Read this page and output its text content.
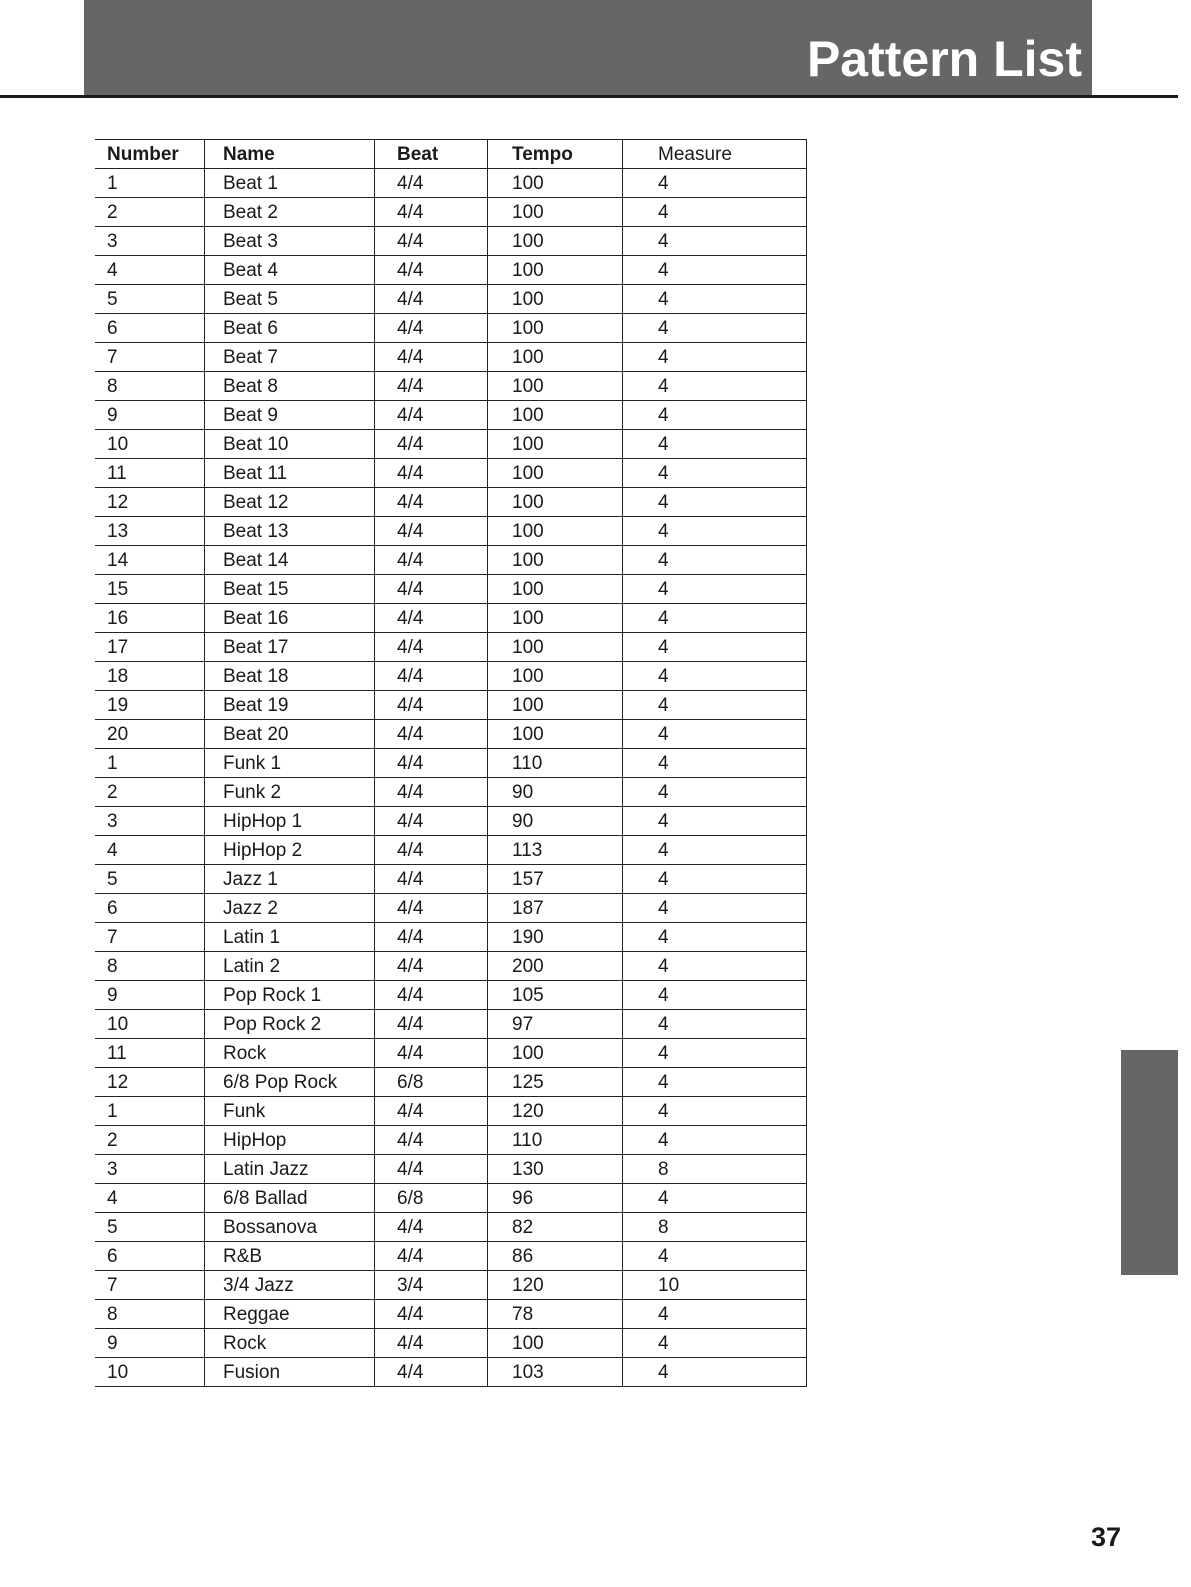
Pattern List
Number	Name	Beat	Tempo	Measure
1	Beat 1	4/4	100	4
2	Beat 2	4/4	100	4
3	Beat 3	4/4	100	4
4	Beat 4	4/4	100	4
5	Beat 5	4/4	100	4
6	Beat 6	4/4	100	4
7	Beat 7	4/4	100	4
8	Beat 8	4/4	100	4
9	Beat 9	4/4	100	4
10	Beat 10	4/4	100	4
11	Beat 11	4/4	100	4
12	Beat 12	4/4	100	4
13	Beat 13	4/4	100	4
14	Beat 14	4/4	100	4
15	Beat 15	4/4	100	4
16	Beat 16	4/4	100	4
17	Beat 17	4/4	100	4
18	Beat 18	4/4	100	4
19	Beat 19	4/4	100	4
20	Beat 20	4/4	100	4
1	Funk 1	4/4	110	4
2	Funk 2	4/4	90	4
3	HipHop 1	4/4	90	4
4	HipHop 2	4/4	113	4
5	Jazz 1	4/4	157	4
6	Jazz 2	4/4	187	4
7	Latin 1	4/4	190	4
8	Latin 2	4/4	200	4
9	Pop Rock 1	4/4	105	4
10	Pop Rock 2	4/4	97	4
11	Rock	4/4	100	4
12	6/8 Pop Rock	6/8	125	4
1	Funk	4/4	120	4
2	HipHop	4/4	110	4
3	Latin Jazz	4/4	130	8
4	6/8 Ballad	6/8	96	4
5	Bossanova	4/4	82	8
6	R&B	4/4	86	4
7	3/4 Jazz	3/4	120	10
8	Reggae	4/4	78	4
9	Rock	4/4	100	4
10	Fusion	4/4	103	4
37
